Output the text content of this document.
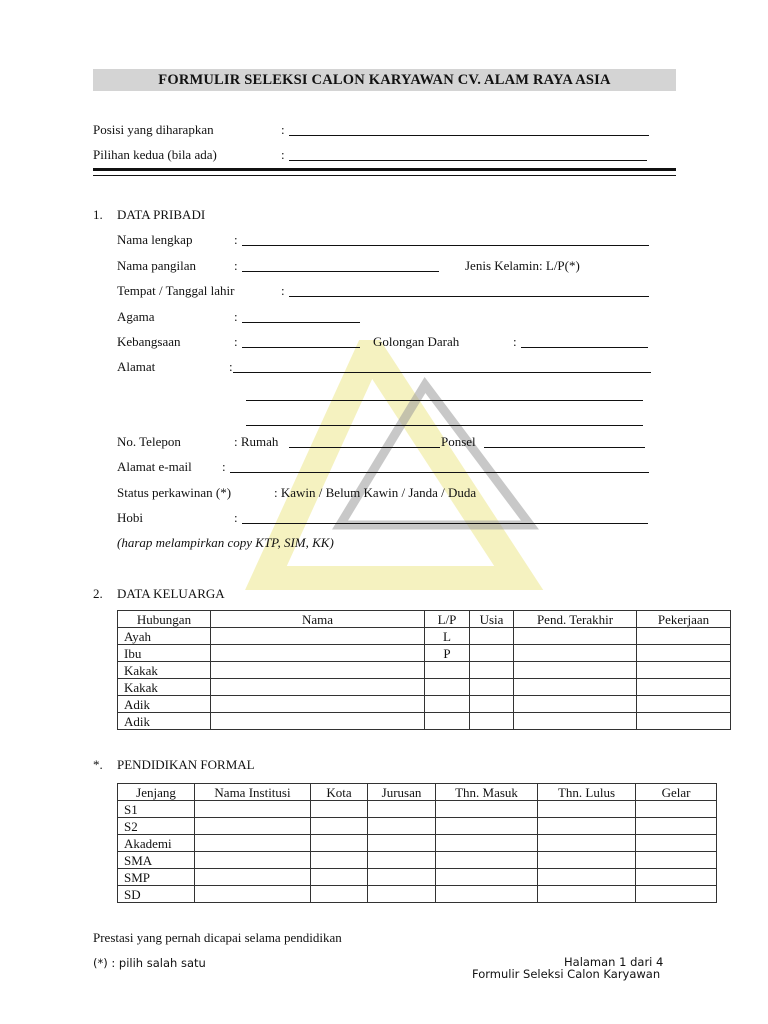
FORMULIR SELEKSI CALON KARYAWAN CV. ALAM RAYA ASIA
Posisi yang diharapkan	:
Pilihan kedua (bila ada)	:
1. DATA PRIBADI
Nama lengkap	:
Nama pangilan	:	Jenis Kelamin: L/P(*)
Tempat / Tanggal lahir	:
Agama	:
Kebangsaan	:	Golongan Darah	:
Alamat	:
No. Telepon	: Rumah	Ponsel
Alamat e-mail :
Status perkawinan (*)	: Kawin / Belum Kawin / Janda / Duda
Hobi	:
(harap melampirkan copy KTP, SIM, KK)
2. DATA KELUARGA
Hubungan	Nama	L/P	Usia	Pend. Terakhir	Pekerjaan
Ayah		L			
Ibu		P			
Kakak					
Kakak					
Adik					
Adik					
*. PENDIDIKAN FORMAL
Jenjang	Nama Institusi	Kota	Jurusan	Thn. Masuk	Thn. Lulus	Gelar
S1						
S2						
Akademi						
SMA						
SMP						
SD						
Prestasi yang pernah dicapai selama pendidikan
(*) : pilih salah satu	Halaman 1 dari 4
Formulir Seleksi Calon Karyawan
